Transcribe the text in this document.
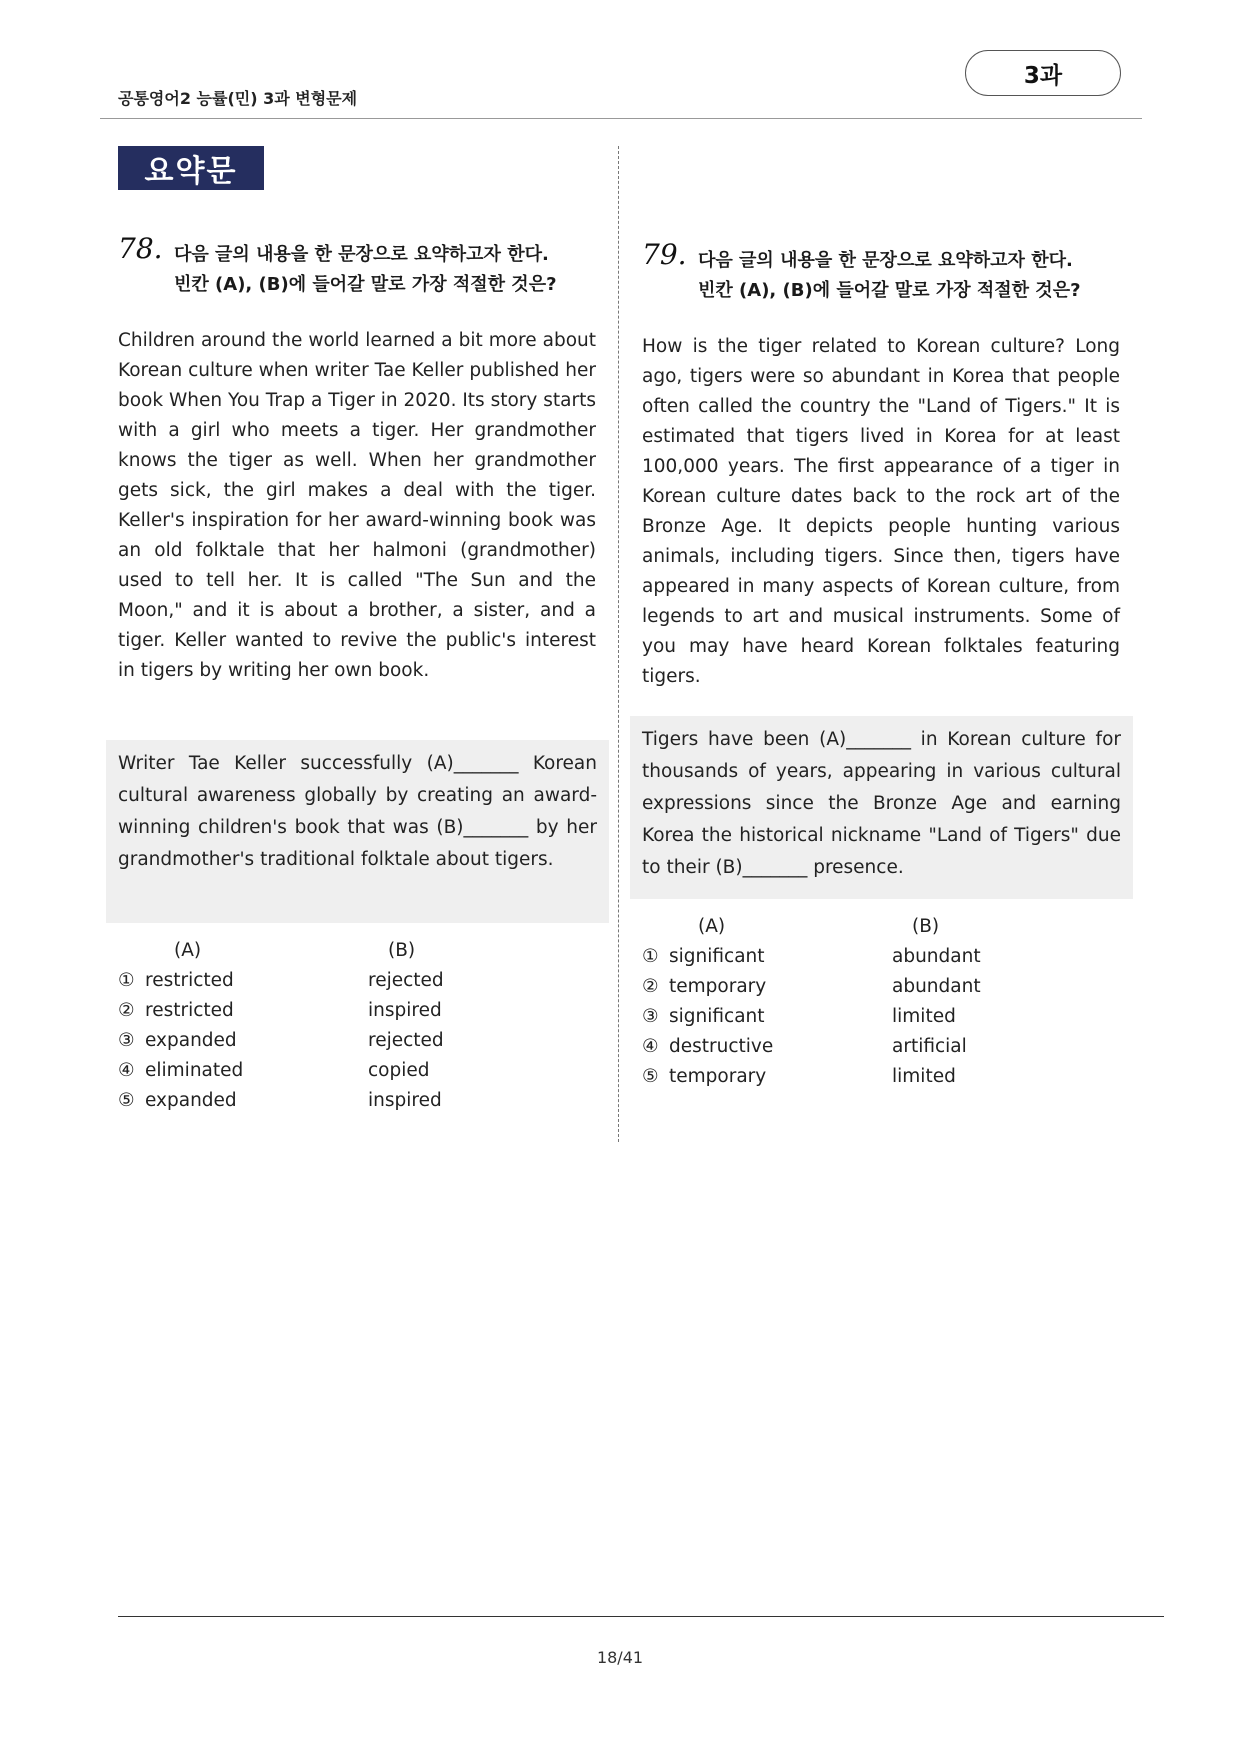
공통영어2 능률(민) 3과 변형문제
3과
요약문
78. 다음 글의 내용을 한 문장으로 요약하고자 한다.
빈칸 (A), (B)에 들어갈 말로 가장 적절한 것은?
Children around the world learned a bit more about Korean culture when writer Tae Keller published her book When You Trap a Tiger in 2020. Its story starts with a girl who meets a tiger. Her grandmother knows the tiger as well. When her grandmother gets sick, the girl makes a deal with the tiger. Keller's inspiration for her award-winning book was an old folktale that her halmoni (grandmother) used to tell her. It is called "The Sun and the Moon," and it is about a brother, a sister, and a tiger. Keller wanted to revive the public's interest in tigers by writing her own book.
Writer Tae Keller successfully (A)_______ Korean cultural awareness globally by creating an award-winning children's book that was (B)_______ by her grandmother's traditional folktale about tigers.
(A)	(B)
① restricted	rejected
② restricted	inspired
③ expanded	rejected
④ eliminated	copied
⑤ expanded	inspired
79. 다음 글의 내용을 한 문장으로 요약하고자 한다.
빈칸 (A), (B)에 들어갈 말로 가장 적절한 것은?
How is the tiger related to Korean culture? Long ago, tigers were so abundant in Korea that people often called the country the "Land of Tigers." It is estimated that tigers lived in Korea for at least 100,000 years. The first appearance of a tiger in Korean culture dates back to the rock art of the Bronze Age. It depicts people hunting various animals, including tigers. Since then, tigers have appeared in many aspects of Korean culture, from legends to art and musical instruments. Some of you may have heard Korean folktales featuring tigers.
Tigers have been (A)_______ in Korean culture for thousands of years, appearing in various cultural expressions since the Bronze Age and earning Korea the historical nickname "Land of Tigers" due to their (B)_______ presence.
(A)	(B)
① significant	abundant
② temporary	abundant
③ significant	limited
④ destructive	artificial
⑤ temporary	limited
18/41
